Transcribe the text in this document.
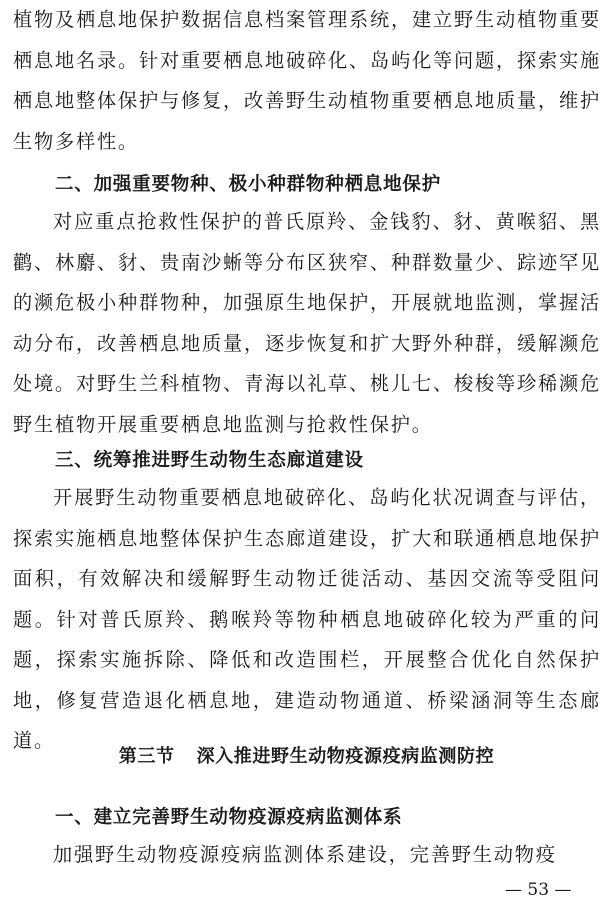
植物及栖息地保护数据信息档案管理系统，建立野生动植物重要栖息地名录。针对重要栖息地破碎化、岛屿化等问题，探索实施栖息地整体保护与修复，改善野生动植物重要栖息地质量，维护生物多样性。

二、加强重要物种、极小种群物种栖息地保护

对应重点抢救性保护的普氏原羚、金钱豹、豺、黄喉貂、黑鹳、林麝、豺、贵南沙蜥等分布区狭窄、种群数量少、踪迹罕见的濒危极小种群物种，加强原生地保护，开展就地监测，掌握活动分布，改善栖息地质量，逐步恢复和扩大野外种群，缓解濒危处境。对野生兰科植物、青海以礼草、桃儿七、梭梭等珍稀濒危野生植物开展重要栖息地监测与抢救性保护。

三、统筹推进野生动物生态廊道建设

开展野生动物重要栖息地破碎化、岛屿化状况调查与评估，探索实施栖息地整体保护生态廊道建设，扩大和联通栖息地保护面积，有效解决和缓解野生动物迁徙活动、基因交流等受阻问题。针对普氏原羚、鹅喉羚等物种栖息地破碎化较为严重的问题，探索实施拆除、降低和改造围栏，开展整合优化自然保护地，修复营造退化栖息地，建造动物通道、桥梁涵洞等生态廊道。

第三节 深入推进野生动物疫源疫病监测防控
一、建立完善野生动物疫源疫病监测体系

加强野生动物疫源疫病监测体系建设，完善野生动物疫

— 53 —
